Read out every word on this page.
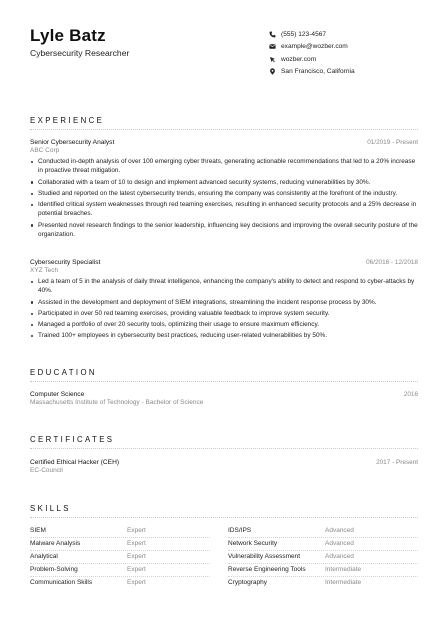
Lyle Batz
Cybersecurity Researcher
(555) 123-4567
example@wozber.com
wozber.com
San Francisco, California
EXPERIENCE
Senior Cybersecurity Analyst	01/2019 - Present
ABC Corp
Conducted in-depth analysis of over 100 emerging cyber threats, generating actionable recommendations that led to a 20% increase in proactive threat mitigation.
Collaborated with a team of 10 to design and implement advanced security systems, reducing vulnerabilities by 30%.
Studied and reported on the latest cybersecurity trends, ensuring the company was consistently at the forefront of the industry.
Identified critical system weaknesses through red teaming exercises, resulting in enhanced security protocols and a 25% decrease in potential breaches.
Presented novel research findings to the senior leadership, influencing key decisions and improving the overall security posture of the organization.
Cybersecurity Specialist	06/2016 - 12/2018
XYZ Tech
Led a team of 5 in the analysis of daily threat intelligence, enhancing the company's ability to detect and respond to cyber-attacks by 40%.
Assisted in the development and deployment of SIEM integrations, streamlining the incident response process by 30%.
Participated in over 50 red teaming exercises, providing valuable feedback to improve system security.
Managed a portfolio of over 20 security tools, optimizing their usage to ensure maximum efficiency.
Trained 100+ employees in cybersecurity best practices, reducing user-related vulnerabilities by 50%.
EDUCATION
Computer Science	2016
Massachusetts Institute of Technology - Bachelor of Science
CERTIFICATES
Certified Ethical Hacker (CEH)	2017 - Present
EC-Council
SKILLS
SIEM	Expert	IDS/IPS	Advanced
Malware Analysis	Expert	Network Security	Advanced
Analytical	Expert	Vulnerability Assessment	Advanced
Problem-Solving	Expert	Reverse Engineering Tools	Intermediate
Communication Skills	Expert	Cryptography	Intermediate
